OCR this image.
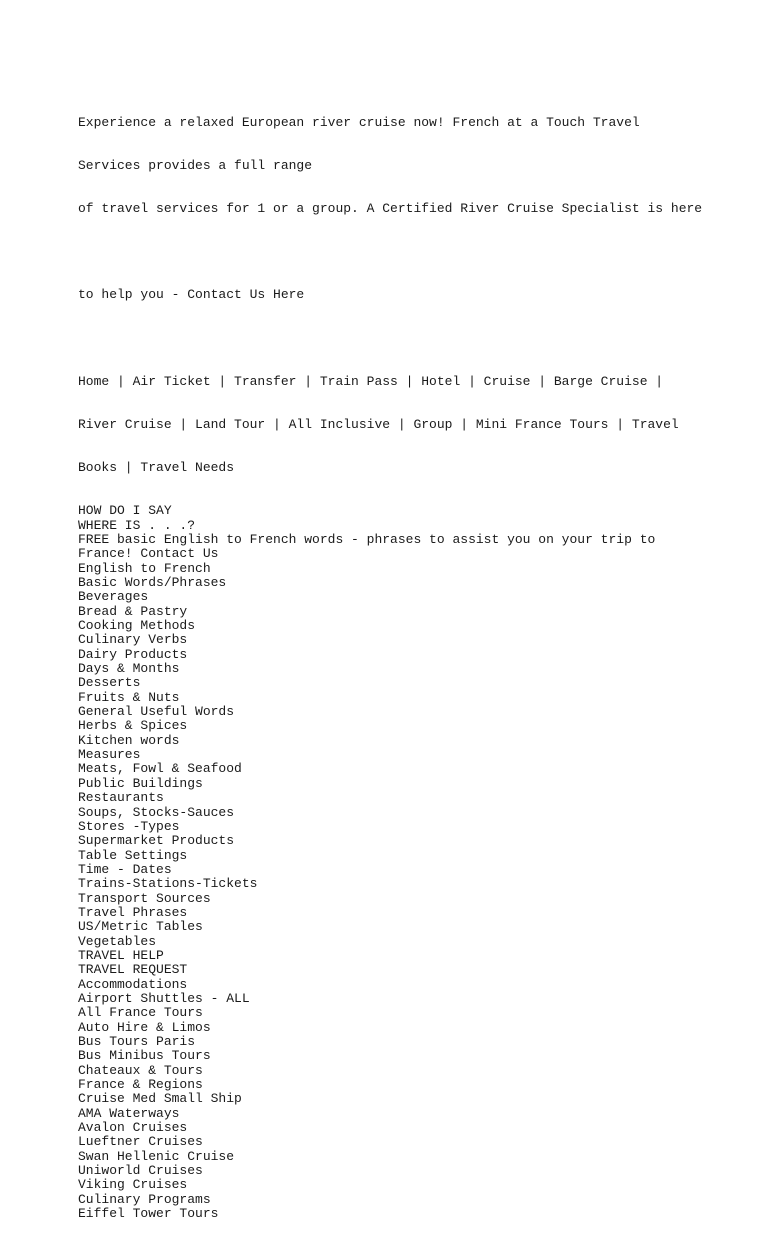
Experience a relaxed European river cruise now! French at a Touch Travel

Services provides a full range

of travel services for 1 or a group. A Certified River Cruise Specialist is here

to help you - Contact Us Here

Home | Air Ticket | Transfer | Train Pass | Hotel | Cruise | Barge Cruise |

River Cruise | Land Tour | All Inclusive | Group | Mini France Tours | Travel

Books | Travel Needs

HOW DO I SAY
WHERE IS . . .?
FREE basic English to French words - phrases to assist you on your trip to
France! Contact Us
English to French
Basic Words/Phrases
Beverages
Bread & Pastry
Cooking Methods
Culinary Verbs
Dairy Products
Days & Months
Desserts
Fruits & Nuts
General Useful Words
Herbs & Spices
Kitchen words
Measures
Meats, Fowl & Seafood
Public Buildings
Restaurants
Soups, Stocks-Sauces
Stores -Types
Supermarket Products
Table Settings
Time - Dates
Trains-Stations-Tickets
Transport Sources
Travel Phrases
US/Metric Tables
Vegetables
TRAVEL HELP
TRAVEL REQUEST
Accommodations
Airport Shuttles - ALL
All France Tours
Auto Hire & Limos
Bus Tours Paris
Bus Minibus Tours
Chateaux & Tours
France & Regions
Cruise Med Small Ship
AMA Waterways
Avalon Cruises
Lueftner Cruises
Swan Hellenic Cruise
Uniworld Cruises
Viking Cruises
Culinary Programs
Eiffel Tower Tours
